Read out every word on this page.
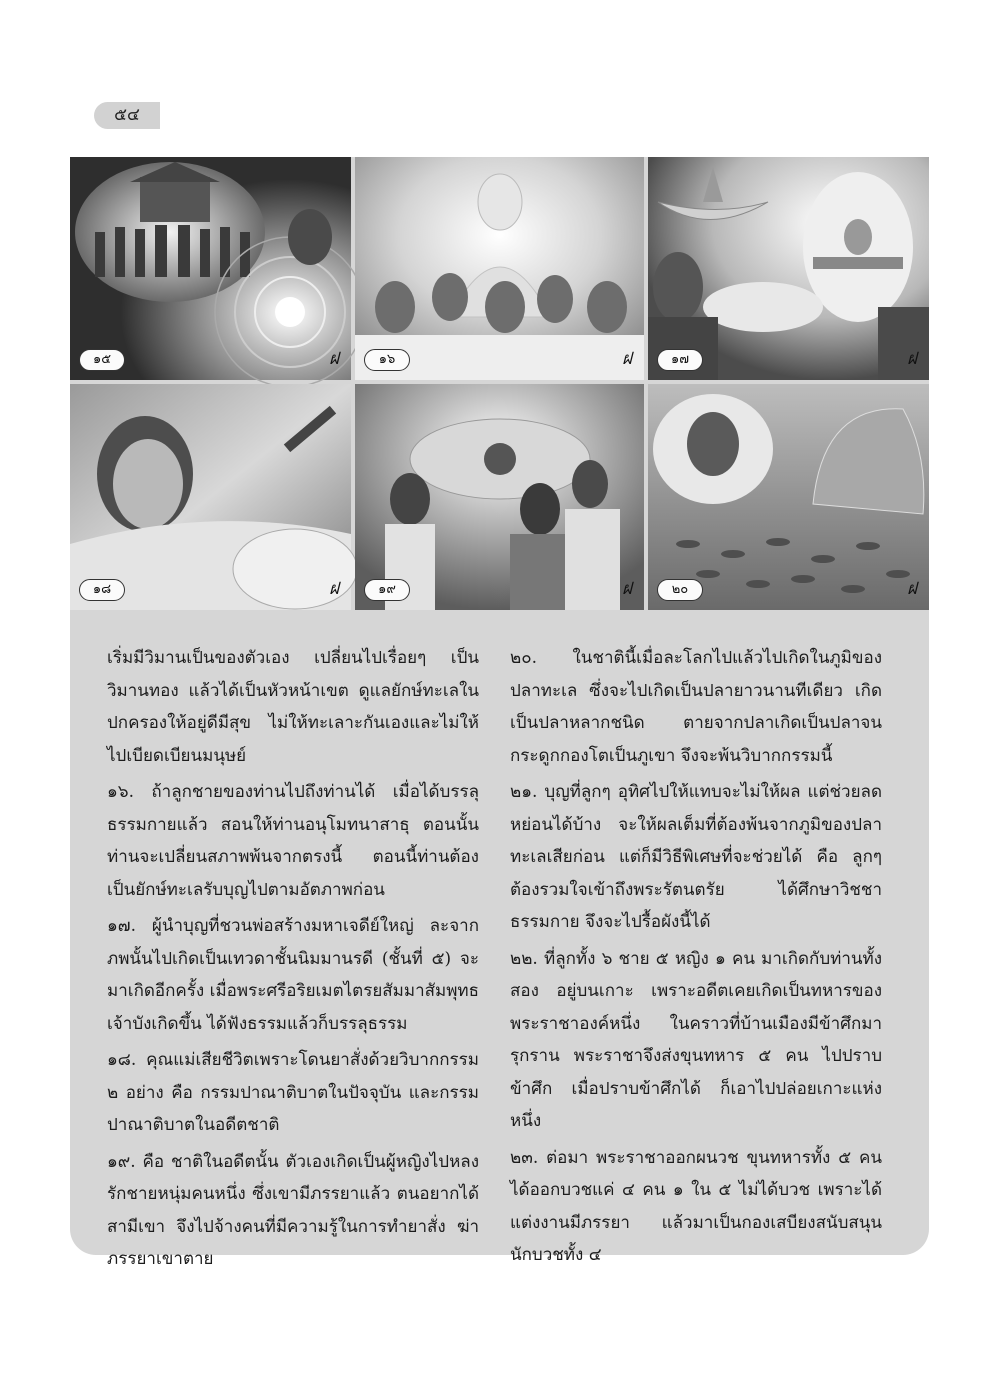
๕๔
๑๕	ฝ	๑๖	ฝ	๑๗	ฝ
๑๘	ฝ	๑๙	ฝ	๒๐	ฝ

เริ่มมีวิมานเป็นของตัวเอง เปลี่ยนไปเรื่อยๆ เป็นวิมานทอง แล้วได้เป็นหัวหน้าเขต ดูแลยักษ์ทะเลในปกครองให้อยู่ดีมีสุข ไม่ให้ทะเลาะกันเองและไม่ให้ไปเบียดเบียนมนุษย์

๑๖. ถ้าลูกชายของท่านไปถึงท่านได้ เมื่อได้บรรลุธรรมกายแล้ว สอนให้ท่านอนุโมทนาสาธุ ตอนนั้นท่านจะเปลี่ยนสภาพพ้นจากตรงนี้ ตอนนี้ท่านต้องเป็นยักษ์ทะเลรับบุญไปตามอัตภาพก่อน

๑๗. ผู้นำบุญที่ชวนพ่อสร้างมหาเจดีย์ใหญ่ ละจากภพนั้นไปเกิดเป็นเทวดาชั้นนิมมานรดี (ชั้นที่ ๕) จะมาเกิดอีกครั้ง เมื่อพระศรีอริยเมตไตรยสัมมาสัมพุทธเจ้าบังเกิดขึ้น ได้ฟังธรรมแล้วก็บรรลุธรรม

๑๘. คุณแม่เสียชีวิตเพราะโดนยาสั่งด้วยวิบากกรรม ๒ อย่าง คือ กรรมปาณาติบาตในปัจจุบัน และกรรมปาณาติบาตในอดีตชาติ

๑๙. คือ ชาติในอดีตนั้น ตัวเองเกิดเป็นผู้หญิงไปหลงรักชายหนุ่มคนหนึ่ง ซึ่งเขามีภรรยาแล้ว ตนอยากได้สามีเขา จึงไปจ้างคนที่มีความรู้ในการทำยาสั่ง ฆ่าภรรยาเขาตาย

๒๐. ในชาตินี้เมื่อละโลกไปแล้วไปเกิดในภูมิของปลาทะเล ซึ่งจะไปเกิดเป็นปลายาวนานทีเดียว เกิดเป็นปลาหลากชนิด ตายจากปลาเกิดเป็นปลาจนกระดูกกองโตเป็นภูเขา จึงจะพ้นวิบากกรรมนี้

๒๑. บุญที่ลูกๆ อุทิศไปให้แทบจะไม่ให้ผล แต่ช่วยลดหย่อนได้บ้าง จะให้ผลเต็มที่ต้องพ้นจากภูมิของปลาทะเลเสียก่อน แต่ก็มีวิธีพิเศษที่จะช่วยได้ คือ ลูกๆ ต้องรวมใจเข้าถึงพระรัตนตรัย ได้ศึกษาวิชชาธรรมกาย จึงจะไปรื้อผังนี้ได้

๒๒. ที่ลูกทั้ง ๖ ชาย ๕ หญิง ๑ คน มาเกิดกับท่านทั้งสอง อยู่บนเกาะ เพราะอดีตเคยเกิดเป็นทหารของพระราชาองค์หนึ่ง ในคราวที่บ้านเมืองมีข้าศึกมารุกราน พระราชาจึงส่งขุนทหาร ๕ คน ไปปราบข้าศึก เมื่อปราบข้าศึกได้ ก็เอาไปปล่อยเกาะแห่งหนึ่ง

๒๓. ต่อมา พระราชาออกผนวช ขุนทหารทั้ง ๕ คน ได้ออกบวชแค่ ๔ คน ๑ ใน ๕ ไม่ได้บวช เพราะได้แต่งงานมีภรรยา แล้วมาเป็นกองเสบียงสนับสนุนนักบวชทั้ง ๔
